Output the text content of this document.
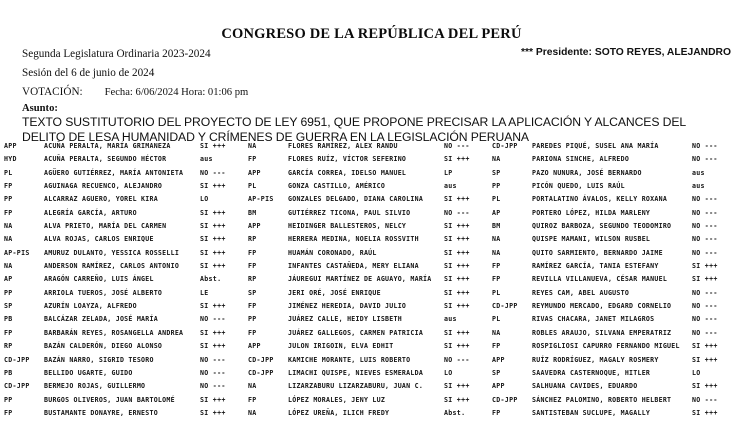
CONGRESO DE LA REPÚBLICA DEL PERÚ
*** Presidente: SOTO REYES, ALEJANDRO
Segunda Legislatura Ordinaria 2023-2024
Sesión del 6 de junio de 2024
VOTACIÓN: Fecha: 6/06/2024 Hora: 01:06 pm
Asunto:
TEXTO SUSTITUTORIO DEL PROYECTO DE LEY 6951, QUE PROPONE PRECISAR LA APLICACIÓN Y ALCANCES DEL DELITO DE LESA HUMANIDAD Y CRÍMENES DE GUERRA EN LA LEGISLACIÓN PERUANA
APP	ACUÑA PERALTA, MARÍA GRIMANEZA	SI +++
HYD	ACUÑA PERALTA, SEGUNDO HÉCTOR	aus
PL	AGÜERO GUTIÉRREZ, MARÍA ANTONIETA	NO ---
FP	AGUINAGA RECUENCO, ALEJANDRO	SI +++
PP	ALCARRAZ AGUERO, YOREL KIRA	LO
FP	ALEGRÍA GARCÍA, ARTURO	SI +++
NA	ALVA PRIETO, MARÍA DEL CARMEN	SI +++
NA	ALVA ROJAS, CARLOS ENRIQUE	SI +++
AP-PIS	AMURUZ DULANTO, YESSICA ROSSELLI	SI +++
NA	ANDERSON RAMÍREZ, CARLOS ANTONIO	SI +++
AP	ARAGÓN CARREÑO, LUIS ÁNGEL	Abst.
PP	ARRIOLA TUEROS, JOSÉ ALBERTO	LE
SP	AZURÍN LOAYZA, ALFREDO	SI +++
PB	BALCÁZAR ZELADA, JOSÉ MARÍA	NO ---
FP	BARBARÁN REYES, ROSANGELLA ANDREA	SI +++
RP	BAZÁN CALDERÓN, DIEGO ALONSO	SI +++
CD-JPP	BAZÁN NARRO, SIGRID TESORO	NO ---
PB	BELLIDO UGARTE, GUIDO	NO ---
CD-JPP	BERMEJO ROJAS, GUILLERMO	NO ---
PP	BURGOS OLIVEROS, JUAN BARTOLOMÉ	SI +++
FP	BUSTAMANTE DONAYRE, ERNESTO	SI +++
NA	FLORES RAMÍREZ, ALEX RANDU	NO ---
FP	FLORES RUÍZ, VÍCTOR SEFERINO	SI +++
APP	GARCÍA CORREA, IDELSO MANUEL	LP
PL	GONZA CASTILLO, AMÉRICO	aus
AP-PIS	GONZALES DELGADO, DIANA CAROLINA	SI +++
BM	GUTIÉRREZ TICONA, PAUL SILVIO	NO ---
APP	HEIDINGER BALLESTEROS, NELCY	SI +++
RP	HERRERA MEDINA, NOELIA ROSSVITH	SI +++
FP	HUAMÁN CORONADO, RAÚL	SI +++
FP	INFANTES CASTAÑEDA, MERY ELIANA	SI +++
RP	JÁUREGUI MARTÍNEZ DE AGUAYO, MARÍA SI +++
SP	JERI ORÉ, JOSÉ ENRIQUE	SI +++
FP	JIMÉNEZ HEREDIA, DAVID JULIO	SI +++
PP	JUÁREZ CALLE, HEIDY LISBETH	aus
FP	JUÁREZ GALLEGOS, CARMEN PATRICIA	SI +++
APP	JULON IRIGOIN, ELVA EDHIT	SI +++
CD-JPP	KAMICHE MORANTE, LUIS ROBERTO	NO ---
CD-JPP	LIMACHI QUISPE, NIEVES ESMERALDA	LO
NA	LIZARZABURU LIZARZABURU, JUAN C.	SI +++
FP	LÓPEZ MORALES, JENY LUZ	SI +++
NA	LÓPEZ UREÑA, ILICH FREDY	Abst.
CD-JPP	PAREDES PIQUÉ, SUSEL ANA MARÍA	NO ---
NA	PARIONA SINCHE, ALFREDO	NO ---
SP	PAZO NUNURA, JOSÉ BERNARDO	aus
PP	PICÓN QUEDO, LUIS RAÚL	aus
PL	PORTALATINO ÁVALOS, KELLY ROXANA	NO ---
AP	PORTERO LÓPEZ, HILDA MARLENY	NO ---
BM	QUIROZ BARBOZA, SEGUNDO TEODOMIRO	NO ---
NA	QUISPE MAMANI, WILSON RUSBEL	NO ---
NA	QUITO SARMIENTO, BERNARDO JAIME	NO ---
FP	RAMÍREZ GARCÍA, TANIA ESTEFANY	SI +++
FP	REVILLA VILLANUEVA, CÉSAR MANUEL	SI +++
PL	REYES CAM, ABEL AUGUSTO	NO ---
CD-JPP	REYMUNDO MERCADO, EDGARD CORNELIO	NO ---
PL	RIVAS CHACARA, JANET MILAGROS	NO ---
NA	ROBLES ARAUJO, SILVANA EMPERATRIZ	NO ---
FP	ROSPIGLIOSI CAPURRO FERNANDO MIGUEL SI +++
APP	RUÍZ RODRÍGUEZ, MAGALY ROSMERY	SI +++
SP	SAAVEDRA CASTERNOQUE, HITLER	LO
APP	SALHUANA CAVIDES, EDUARDO	SI +++
CD-JPP	SÁNCHEZ PALOMINO, ROBERTO HELBERT	NO ---
FP	SANTISTEBAN SUCLUPE, MAGALLY	SI +++
